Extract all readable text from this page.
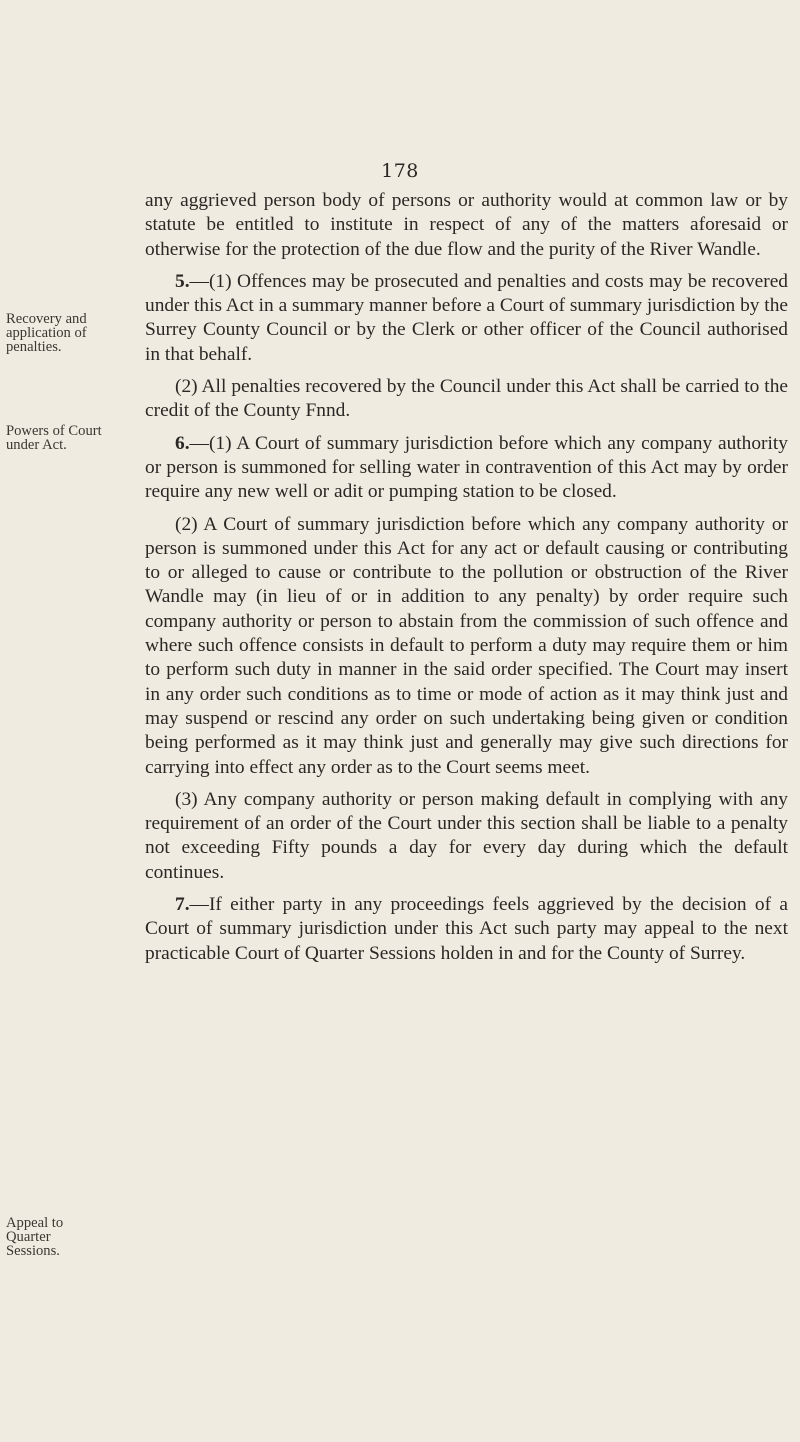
178
Recovery and application of penalties.
Powers of Court under Act.
Appeal to Quarter Sessions.

any aggrieved person body of persons or authority would at common law or by statute be entitled to institute in respect of any of the matters aforesaid or otherwise for the protection of the due flow and the purity of the River Wandle.

5.—(1) Offences may be prosecuted and penalties and costs may be recovered under this Act in a summary manner before a Court of summary jurisdiction by the Surrey County Council or by the Clerk or other officer of the Council authorised in that behalf.

(2) All penalties recovered by the Council under this Act shall be carried to the credit of the County Fnnd.

6.—(1) A Court of summary jurisdiction before which any company authority or person is summoned for selling water in contravention of this Act may by order require any new well or adit or pumping station to be closed.

(2) A Court of summary jurisdiction before which any company authority or person is summoned under this Act for any act or default causing or contributing to or alleged to cause or contribute to the pollution or obstruction of the River Wandle may (in lieu of or in addition to any penalty) by order require such company authority or person to abstain from the commission of such offence and where such offence consists in default to perform a duty may require them or him to perform such duty in manner in the said order specified. The Court may insert in any order such conditions as to time or mode of action as it may think just and may suspend or rescind any order on such undertaking being given or condition being performed as it may think just and generally may give such directions for carrying into effect any order as to the Court seems meet.

(3) Any company authority or person making default in complying with any requirement of an order of the Court under this section shall be liable to a penalty not exceeding Fifty pounds a day for every day during which the default continues.

7.—If either party in any proceedings feels aggrieved by the decision of a Court of summary jurisdiction under this Act such party may appeal to the next practicable Court of Quarter Sessions holden in and for the County of Surrey.
